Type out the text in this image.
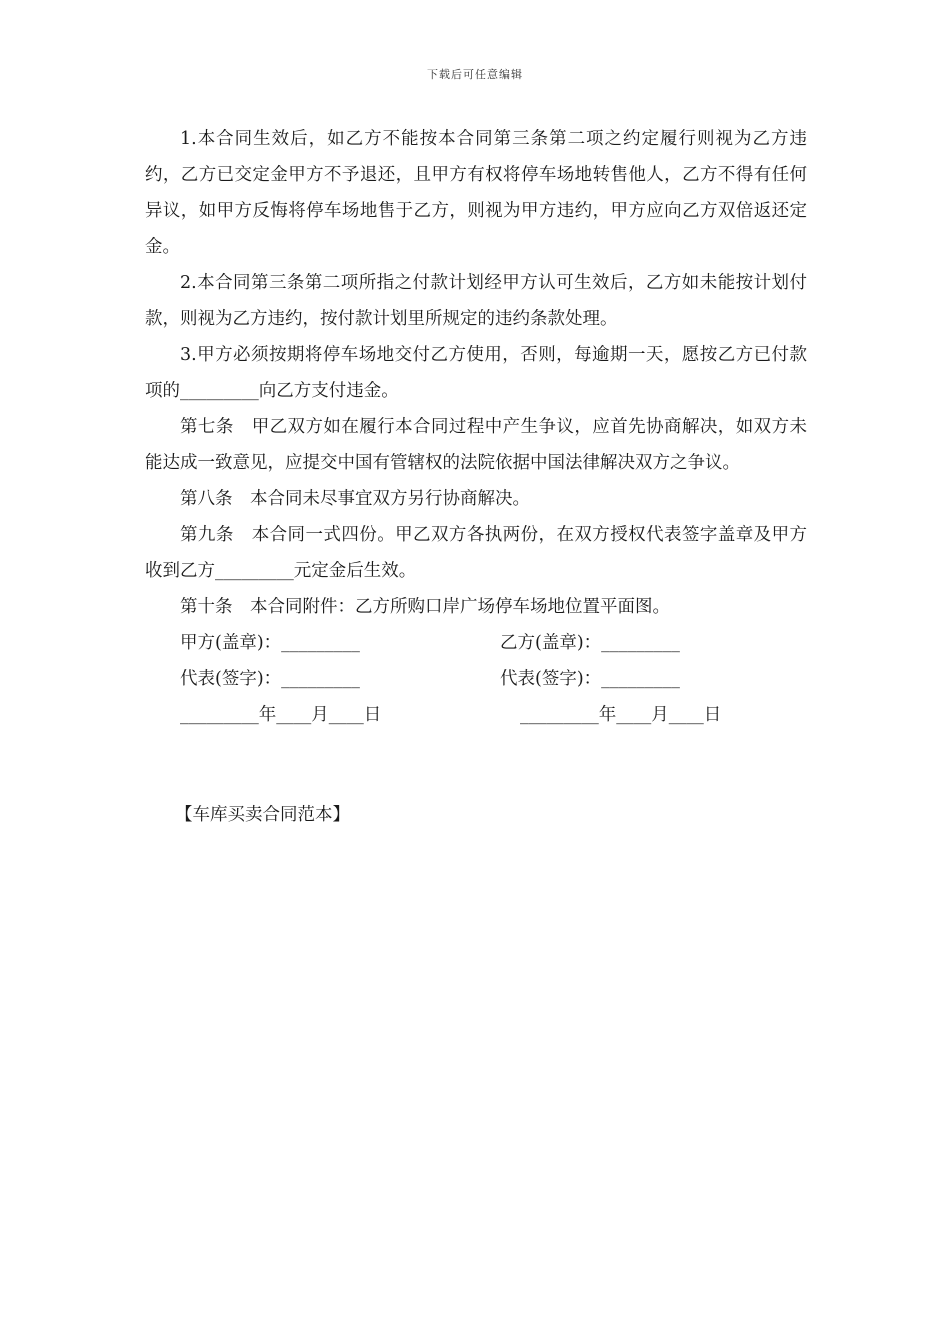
下载后可任意编辑

1.本合同生效后，如乙方不能按本合同第三条第二项之约定履行则视为乙方违约，乙方已交定金甲方不予退还，且甲方有权将停车场地转售他人，乙方不得有任何异议，如甲方反悔将停车场地售于乙方，则视为甲方违约，甲方应向乙方双倍返还定金。

2.本合同第三条第二项所指之付款计划经甲方认可生效后，乙方如未能按计划付款，则视为乙方违约，按付款计划里所规定的违约条款处理。

3.甲方必须按期将停车场地交付乙方使用，否则，每逾期一天，愿按乙方已付款项的_________向乙方支付违金。

第七条　甲乙双方如在履行本合同过程中产生争议，应首先协商解决，如双方未能达成一致意见，应提交中国有管辖权的法院依据中国法律解决双方之争议。

第八条　本合同未尽事宜双方另行协商解决。

第九条　本合同一式四份。甲乙双方各执两份，在双方授权代表签字盖章及甲方收到乙方_________元定金后生效。

第十条　本合同附件：乙方所购口岸广场停车场地位置平面图。

甲方(盖章)：_________	乙方(盖章)：_________
代表(签字)：_________	代表(签字)：_________
_________年____月____日	_________年____月____日
【车库买卖合同范本】
